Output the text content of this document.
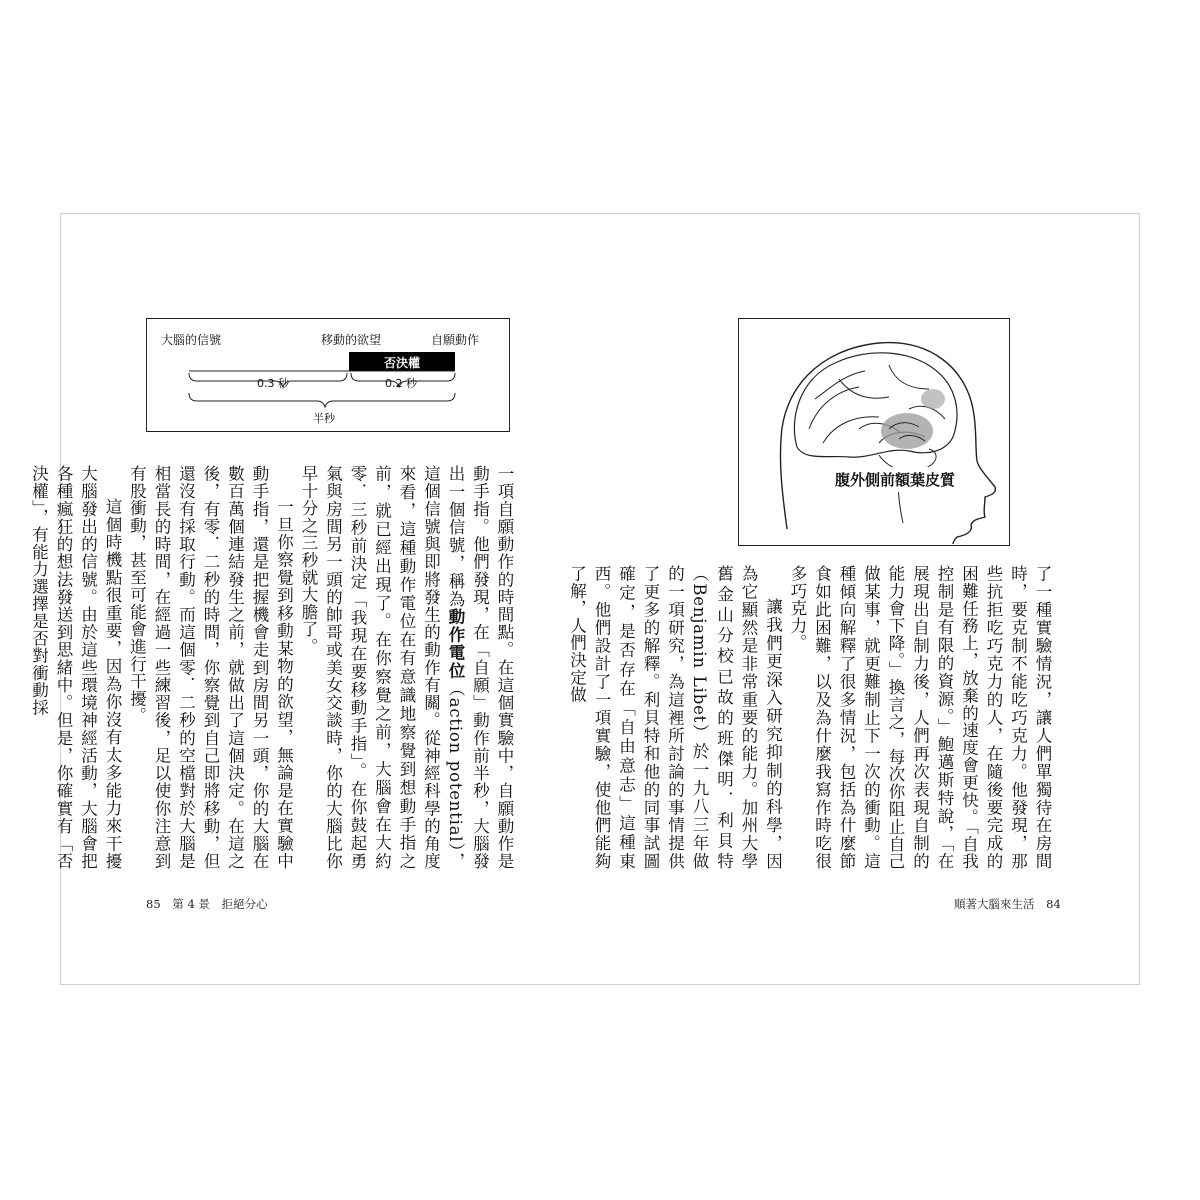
大腦的信號	移動的欲望	自願動作
否決權
0.3 秒	0.2 秒
半秒

一項自願動作的時間點。在這個實驗中，自願動作是動手指。他們發現，在「自願」動作前半秒，大腦發出一個信號，稱為動作電位（action potential），這個信號與即將發生的動作有關。從神經科學的角度來看，這種動作電位在有意識地察覺到想動手指之前，就已經出現了。在你察覺之前，大腦會在大約零．三秒前決定「我現在要移動手指」。在你鼓起勇氣與房間另一頭的帥哥或美女交談時，你的大腦比你早十分之三秒就大膽了。

一旦你察覺到移動某物的欲望，無論是在實驗中動手指，還是把握機會走到房間另一頭，你的大腦在數百萬個連結發生之前，就做出了這個決定。在這之後，有零．二秒的時間，你察覺到自己即將移動，但還沒有採取行動。而這個零．二秒的空檔對於大腦是相當長的時間，在經過一些練習後，足以使你注意到有股衝動，甚至可能會進行干擾。

這個時機點很重要，因為你沒有太多能力來干擾大腦發出的信號。由於這些環境神經活動，大腦會把各種瘋狂的想法發送到思緒中。但是，你確實有「否決權」，有能力選擇是否對衝動採

85 第 4 景 拒絕分心
腹外側前額葉皮質

了一種實驗情況，讓人們單獨待在房間時，要克制不能吃巧克力。他發現，那些抗拒吃巧克力的人，在隨後要完成的困難任務上，放棄的速度會更快。「自我控制是有限的資源。」鮑邁斯特說，「在展現出自制力後，人們再次表現自制的能力會下降。」換言之，每次你阻止自己做某事，就更難制止下一次的衝動。這種傾向解釋了很多情況，包括為什麼節食如此困難，以及為什麼我寫作時吃很多巧克力。

讓我們更深入研究抑制的科學，因為它顯然是非常重要的能力。加州大學舊金山分校已故的班傑明．利貝特（Benjamin Libet）於一九八三年做的一項研究，為這裡所討論的事情提供了更多的解釋。利貝特和他的同事試圖確定，是否存在「自由意志」這種東西。他們設計了一項實驗，使他們能夠了解，人們決定做

順著大腦來生活 84
